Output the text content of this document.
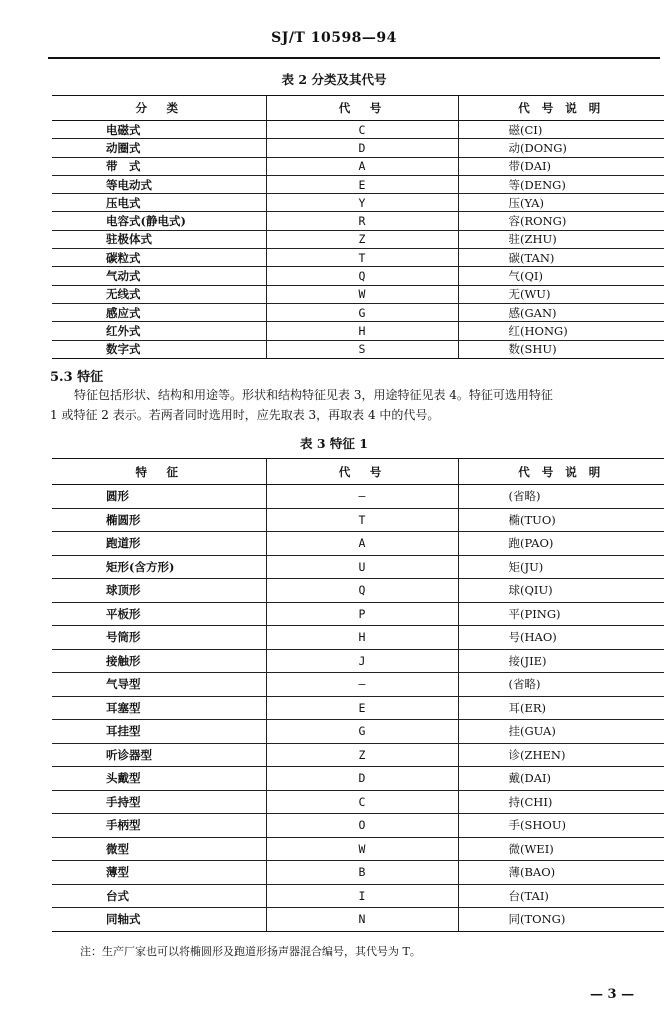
SJ/T 10598—94
表 2 分类及其代号
分　类	代　号	代 号 说 明
电磁式	C	磁(CI)
动圈式	D	动(DONG)
带　式	A	带(DAI)
等电动式	E	等(DENG)
压电式	Y	压(YA)
电容式(静电式)	R	容(RONG)
驻极体式	Z	驻(ZHU)
碳粒式	T	碳(TAN)
气动式	Q	气(QI)
无线式	W	无(WU)
感应式	G	感(GAN)
红外式	H	红(HONG)
数字式	S	数(SHU)
5.3 特征
特征包括形状、结构和用途等。形状和结构特征见表 3，用途特征见表 4。特征可选用特征
1 或特征 2 表示。若两者同时选用时，应先取表 3，再取表 4 中的代号。
表 3 特征 1
特　征	代　号	代 号 说 明
圆形	—	(省略)
椭圆形	T	椭(TUO)
跑道形	A	跑(PAO)
矩形(含方形)	U	矩(JU)
球顶形	Q	球(QIU)
平板形	P	平(PING)
号筒形	H	号(HAO)
接触形	J	接(JIE)
气导型	—	(省略)
耳塞型	E	耳(ER)
耳挂型	G	挂(GUA)
听诊器型	Z	诊(ZHEN)
头戴型	D	戴(DAI)
手持型	C	持(CHI)
手柄型	O	手(SHOU)
微型	W	微(WEI)
薄型	B	薄(BAO)
台式	I	台(TAI)
同轴式	N	同(TONG)
注：生产厂家也可以将椭圆形及跑道形扬声器混合编号，其代号为 T。
— 3 —
